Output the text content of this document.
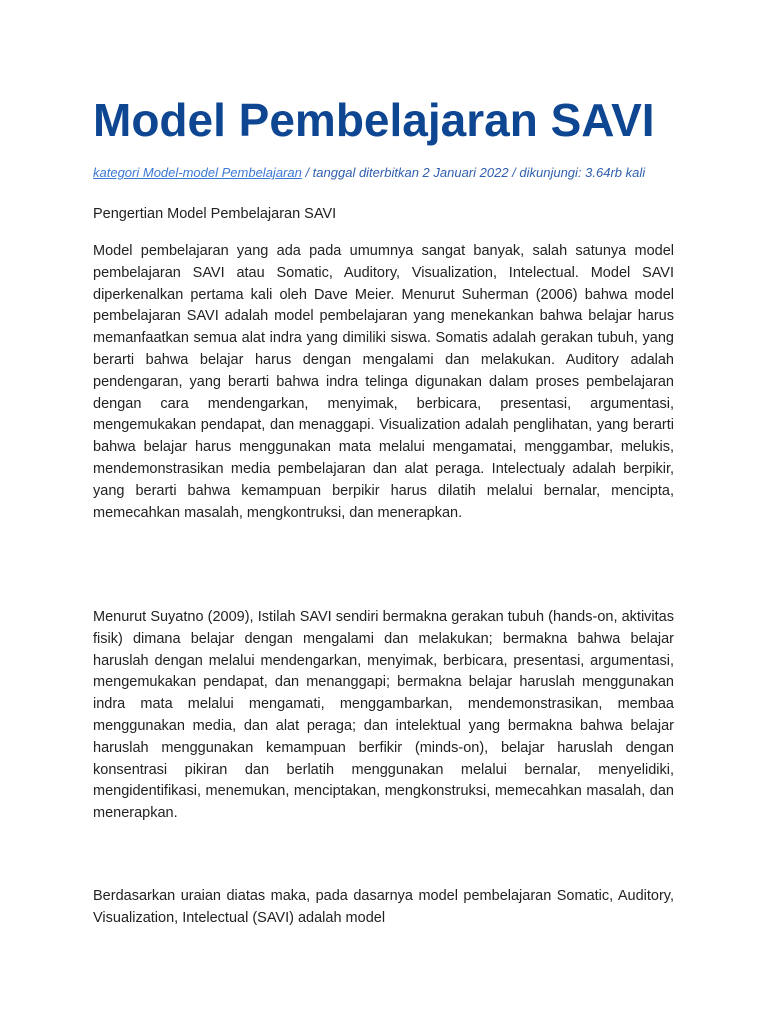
Model Pembelajaran SAVI

kategori Model-model Pembelajaran / tanggal diterbitkan 2 Januari 2022 / dikunjungi: 3.64rb kali

Pengertian Model Pembelajaran SAVI

Model pembelajaran yang ada pada umumnya sangat banyak, salah satunya model pembelajaran SAVI atau Somatic, Auditory, Visualization, Intelectual. Model SAVI diperkenalkan pertama kali oleh Dave Meier. Menurut Suherman (2006) bahwa model pembelajaran SAVI adalah model pembelajaran yang menekankan bahwa belajar harus memanfaatkan semua alat indra yang dimiliki siswa. Somatis adalah gerakan tubuh, yang berarti bahwa belajar harus dengan mengalami dan melakukan. Auditory adalah pendengaran, yang berarti bahwa indra telinga digunakan dalam proses pembelajaran dengan cara mendengarkan, menyimak, berbicara, presentasi, argumentasi, mengemukakan pendapat, dan menaggapi. Visualization adalah penglihatan, yang berarti bahwa belajar harus menggunakan mata melalui mengamatai, menggambar, melukis, mendemonstrasikan media pembelajaran dan alat peraga. Intelectualy adalah berpikir, yang berarti bahwa kemampuan berpikir harus dilatih melalui bernalar, mencipta, memecahkan masalah, mengkontruksi, dan menerapkan.

Menurut Suyatno (2009), Istilah SAVI sendiri bermakna gerakan tubuh (hands-on, aktivitas fisik) dimana belajar dengan mengalami dan melakukan; bermakna bahwa belajar haruslah dengan melalui mendengarkan, menyimak, berbicara, presentasi, argumentasi, mengemukakan pendapat, dan menanggapi; bermakna belajar haruslah menggunakan indra mata melalui mengamati, menggambarkan, mendemonstrasikan, membaa menggunakan media, dan alat peraga; dan intelektual yang bermakna bahwa belajar haruslah menggunakan kemampuan berfikir (minds-on), belajar haruslah dengan konsentrasi pikiran dan berlatih menggunakan melalui bernalar, menyelidiki, mengidentifikasi, menemukan, menciptakan, mengkonstruksi, memecahkan masalah, dan menerapkan.

Berdasarkan uraian diatas maka, pada dasarnya model pembelajaran Somatic, Auditory, Visualization, Intelectual (SAVI) adalah model
